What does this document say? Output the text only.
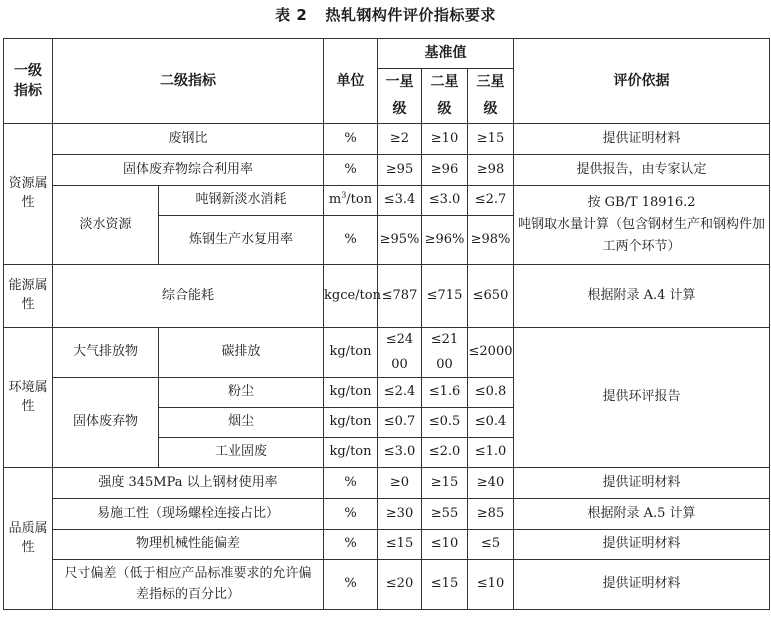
表 2 热轧钢构件评价指标要求
一级指标	二级指标		单位	基准值			评价依据

				一星级	二星级	三星级	

资源属性	废钢比		%	≥2	≥10	≥15	提供证明材料
	固体废弃物综合利用率		%	≥95	≥96	≥98	提供报告，由专家认定
	淡水资源	吨钢新淡水消耗	$m^3$/ton	≤3.4	≤3.0	≤2.7	按 GB/T 18916.2
吨钢取水量计算（包含钢材生产和钢构件加工两个环节）

		炼钢生产水复用率	%	≥95%	≥96%	≥98%	

能源属性	综合能耗		kgce/ton	≤787	≤715	≤650	根据附录 A.4 计算

环境属性	大气排放物	碳排放	kg/ton	≤2400	≤2100	≤2000	提供环评报告
	固体废弃物	粉尘	kg/ton	≤2.4	≤1.6	≤0.8	
		烟尘	kg/ton	≤0.7	≤0.5	≤0.4	
		工业固废	kg/ton	≤3.0	≤2.0	≤1.0	

品质属性	强度 345MPa 以上钢材使用率		%	≥0	≥15	≥40	提供证明材料
	易施工性（现场螺栓连接占比）		%	≥30	≥55	≥85	根据附录 A.5 计算
	物理机械性能偏差		%	≤15	≤10	≤5	提供证明材料

	尺寸偏差（低于相应产品标准要求的允许偏差指标的百分比）		%	≤20	≤15	≤10	提供证明材料
